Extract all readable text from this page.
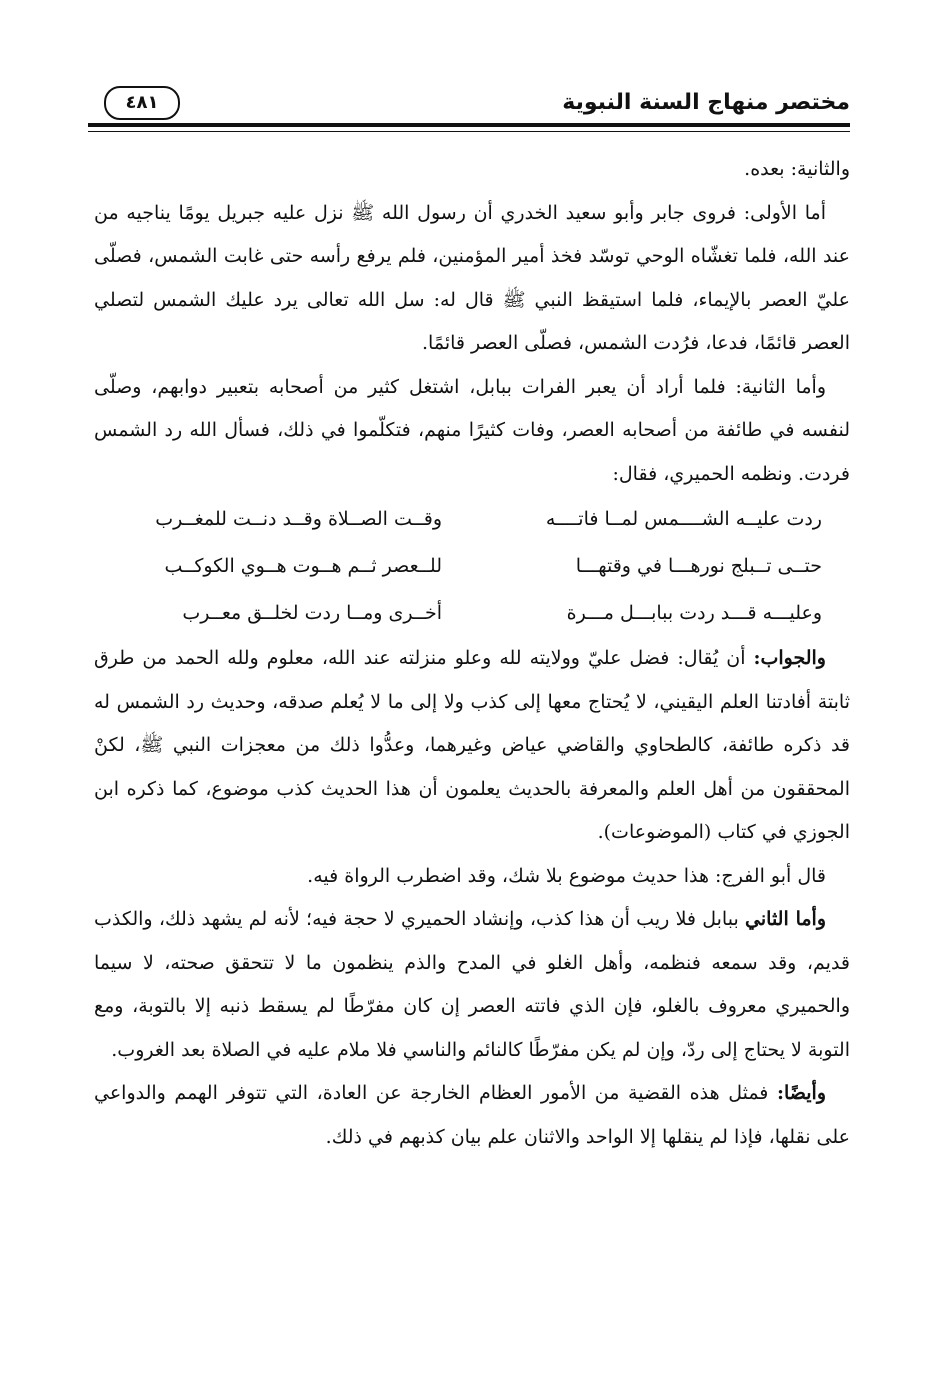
مختصر منهاج السنة النبوية
٤٨١

والثانية: بعده.

أما الأولى: فروى جابر وأبو سعيد الخدري أن رسول الله ﷺ نزل عليه جبريل يومًا يناجيه من عند الله، فلما تغشّاه الوحي توسّد فخذ أمير المؤمنين، فلم يرفع رأسه حتى غابت الشمس، فصلّى عليّ العصر بالإيماء، فلما استيقظ النبي ﷺ قال له: سل الله تعالى يرد عليك الشمس لتصلي العصر قائمًا، فدعا، فرُدت الشمس، فصلّى العصر قائمًا.

وأما الثانية: فلما أراد أن يعبر الفرات ببابل، اشتغل كثير من أصحابه بتعبير دوابهم، وصلّى لنفسه في طائفة من أصحابه العصر، وفات كثيرًا منهم، فتكلّموا في ذلك، فسأل الله رد الشمس فردت. ونظمه الحميري، فقال:

ردت عليــه الشــــمس لمــا فاتــــه
وقــت الصــلاة وقــد دنــت للمغــرب
حتــى تــبلج نورهـــا في وقتهـــا
للــعصر ثــم هــوت هــوي الكوكــب
وعليـــه قـــد ردت ببابـــل مـــرة
أخــرى ومــا ردت لخلــق معــرب

والجواب: أن يُقال: فضل عليّ وولايته لله وعلو منزلته عند الله، معلوم ولله الحمد من طرق ثابتة أفادتنا العلم اليقيني، لا يُحتاج معها إلى كذب ولا إلى ما لا يُعلم صدقه، وحديث رد الشمس له قد ذكره طائفة، كالطحاوي والقاضي عياض وغيرهما، وعدُّوا ذلك من معجزات النبي ﷺ، لكنْ المحققون من أهل العلم والمعرفة بالحديث يعلمون أن هذا الحديث كذب موضوع، كما ذكره ابن الجوزي في كتاب (الموضوعات).

قال أبو الفرج: هذا حديث موضوع بلا شك، وقد اضطرب الرواة فيه.

وأما الثاني ببابل فلا ريب أن هذا كذب، وإنشاد الحميري لا حجة فيه؛ لأنه لم يشهد ذلك، والكذب قديم، وقد سمعه فنظمه، وأهل الغلو في المدح والذم ينظمون ما لا تتحقق صحته، لا سيما والحميري معروف بالغلو، فإن الذي فاتته العصر إن كان مفرّطًا لم يسقط ذنبه إلا بالتوبة، ومع التوبة لا يحتاج إلى ردّ، وإن لم يكن مفرّطًا كالنائم والناسي فلا ملام عليه في الصلاة بعد الغروب.

وأيضًا: فمثل هذه القضية من الأمور العظام الخارجة عن العادة، التي تتوفر الهمم والدواعي على نقلها، فإذا لم ينقلها إلا الواحد والاثنان علم بيان كذبهم في ذلك.
